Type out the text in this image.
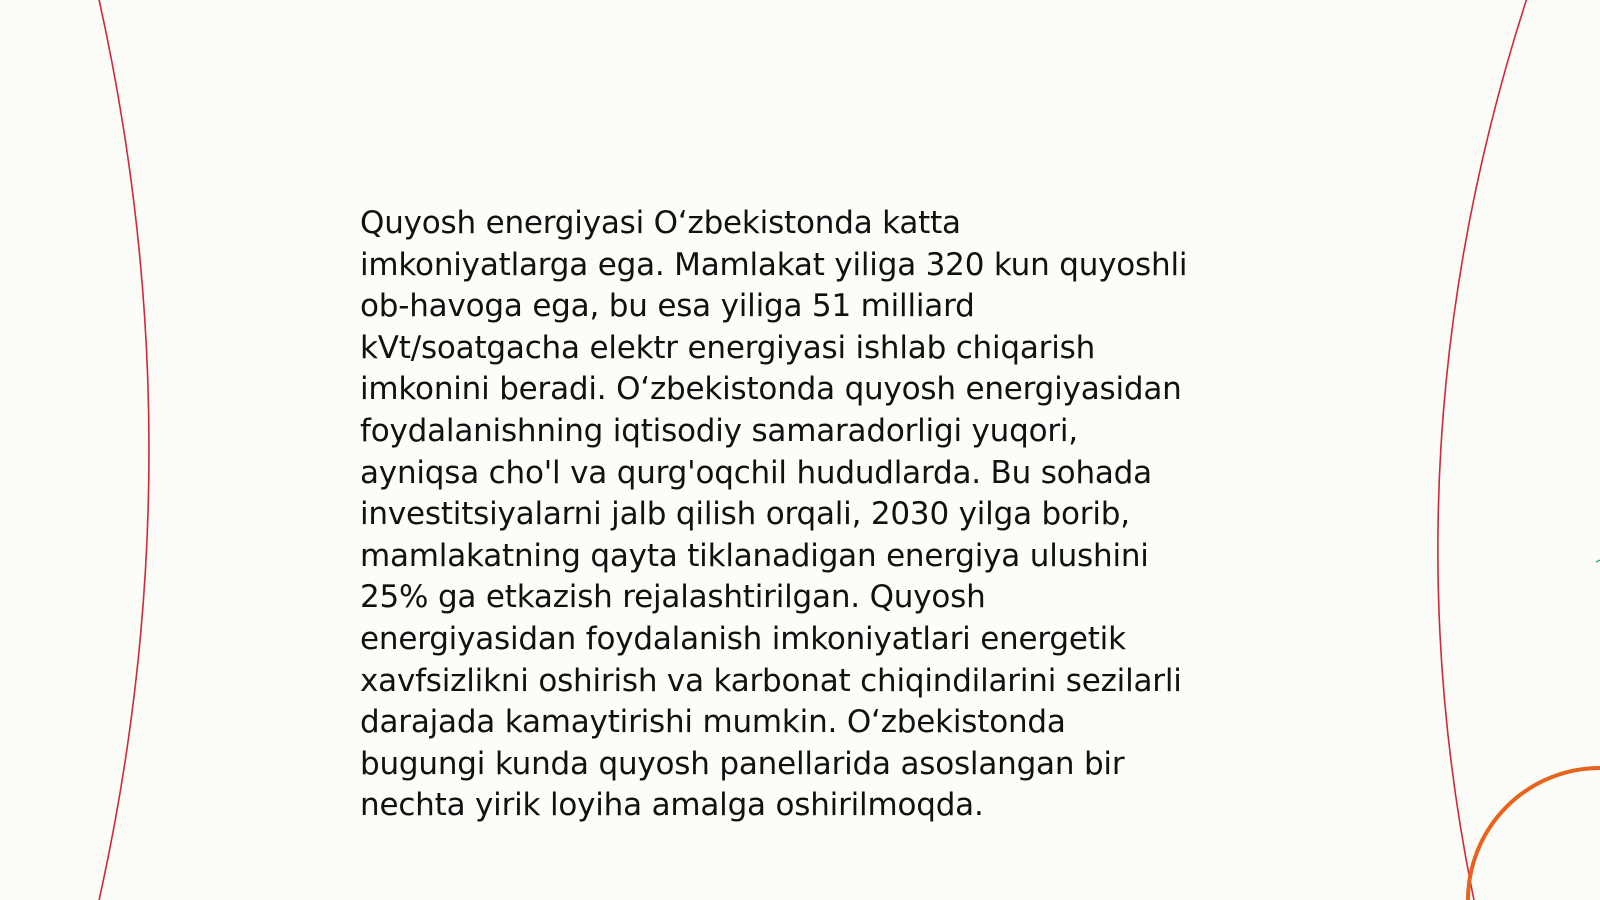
Quyosh energiyasi O‘zbekistonda katta
imkoniyatlarga ega. Mamlakat yiliga 320 kun quyoshli
ob-havoga ega, bu esa yiliga 51 milliard
kVt/soatgacha elektr energiyasi ishlab chiqarish
imkonini beradi. O‘zbekistonda quyosh energiyasidan
foydalanishning iqtisodiy samaradorligi yuqori,
ayniqsa cho'l va qurg'oqchil hududlarda. Bu sohada
investitsiyalarni jalb qilish orqali, 2030 yilga borib,
mamlakatning qayta tiklanadigan energiya ulushini
25% ga etkazish rejalashtirilgan. Quyosh
energiyasidan foydalanish imkoniyatlari energetik
xavfsizlikni oshirish va karbonat chiqindilarini sezilarli
darajada kamaytirishi mumkin. O‘zbekistonda
bugungi kunda quyosh panellarida asoslangan bir
nechta yirik loyiha amalga oshirilmoqda.
